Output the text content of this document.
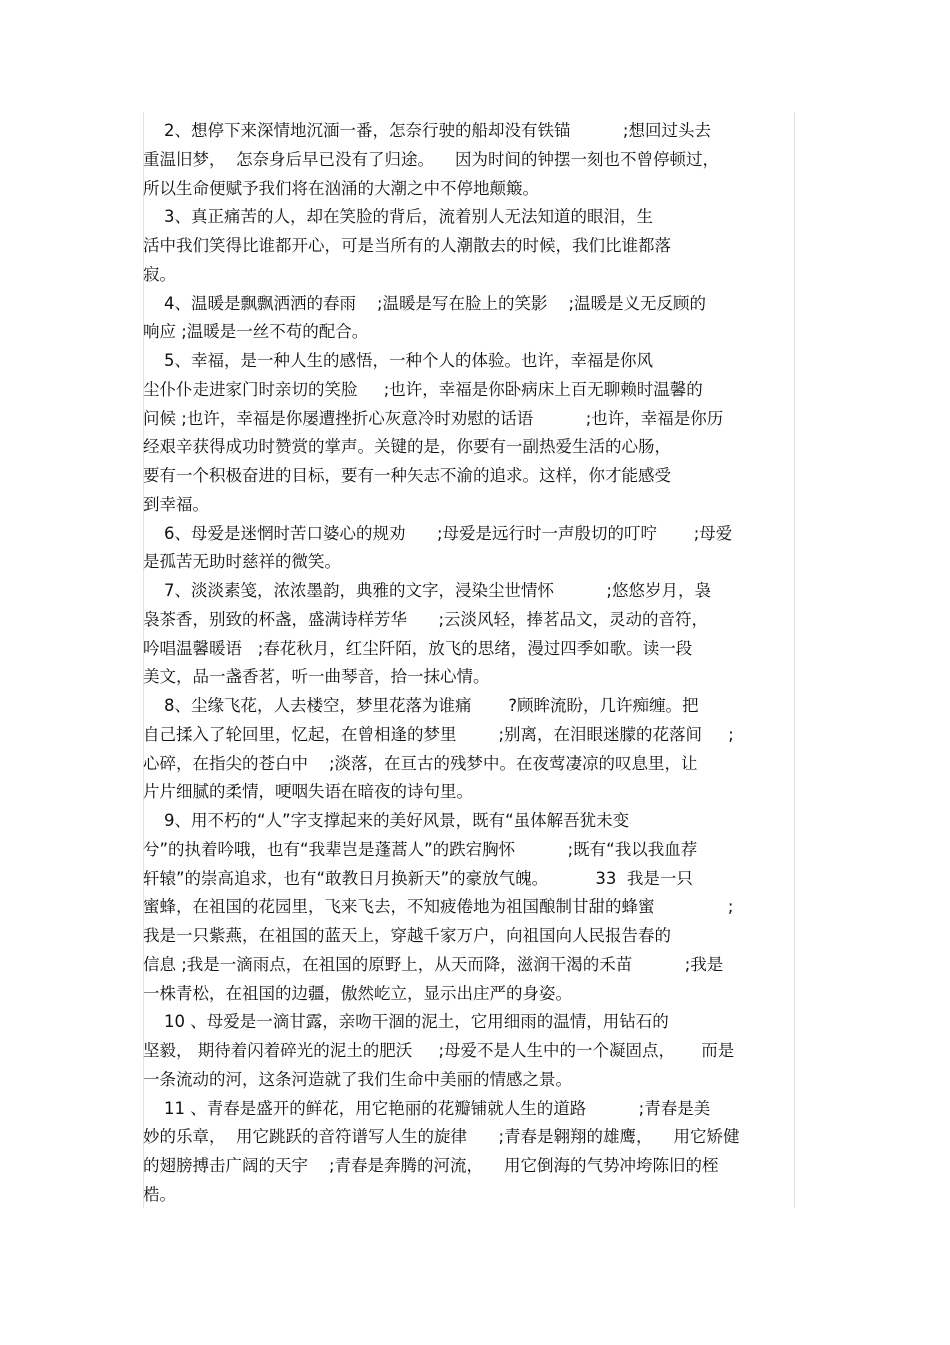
2、想停下来深情地沉湎一番，怎奈行驶的船却没有铁锚          ;想回过头去
重温旧梦，  怎奈身后早已没有了归途。    因为时间的钟摆一刻也不曾停顿过，
所以生命便赋予我们将在汹涌的大潮之中不停地颠簸。
3、真正痛苦的人，却在笑脸的背后，流着别人无法知道的眼泪，生
活中我们笑得比谁都开心，可是当所有的人潮散去的时候，我们比谁都落
寂。
4、温暖是飘飘洒洒的春雨    ;温暖是写在脸上的笑影    ;温暖是义无反顾的
响应 ;温暖是一丝不苟的配合。
5、幸福，是一种人生的感悟，一种个人的体验。也许，幸福是你风
尘仆仆走进家门时亲切的笑脸     ;也许，幸福是你卧病床上百无聊赖时温馨的
问候 ;也许，幸福是你屡遭挫折心灰意冷时劝慰的话语          ;也许，幸福是你历
经艰辛获得成功时赞赏的掌声。关键的是，你要有一副热爱生活的心肠，
要有一个积极奋进的目标，要有一种矢志不渝的追求。这样，你才能感受
到幸福。
6、母爱是迷惘时苦口婆心的规劝      ;母爱是远行时一声殷切的叮咛       ;母爱
是孤苦无助时慈祥的微笑。
7、淡淡素笺，浓浓墨韵，典雅的文字，浸染尘世情怀          ;悠悠岁月，袅
袅茶香，别致的杯盏，盛满诗样芳华      ;云淡风轻，捧茗品文，灵动的音符，
吟唱温馨暖语   ;春花秋月，红尘阡陌，放飞的思绪，漫过四季如歌。读一段
美文，品一盏香茗，听一曲琴音，拾一抹心情。
8、尘缘飞花，人去楼空，梦里花落为谁痛       ?顾眸流盼，几许痴缠。把
自己揉入了轮回里，忆起，在曾相逢的梦里        ;别离，在泪眼迷朦的花落间     ;
心碎，在指尖的苍白中    ;淡落，在亘古的残梦中。在夜莺凄凉的叹息里，让
片片细腻的柔情，哽咽失语在暗夜的诗句里。
9、用不朽的“人”字支撑起来的美好风景，既有“虽体解吾犹未变
兮”的执着吟哦，也有“我辈岂是蓬蒿人”的跌宕胸怀          ;既有“我以我血荐
轩辕”的崇高追求，也有“敢教日月换新天”的豪放气魄。         33  我是一只
蜜蜂，在祖国的花园里，飞来飞去，不知疲倦地为祖国酿制甘甜的蜂蜜              ;
我是一只紫燕，在祖国的蓝天上，穿越千家万户，向祖国向人民报告春的
信息 ;我是一滴雨点，在祖国的原野上，从天而降，滋润干渴的禾苗          ;我是
一株青松，在祖国的边疆，傲然屹立，显示出庄严的身姿。
10 、母爱是一滴甘露，亲吻干涸的泥土，它用细雨的温情，用钻石的
坚毅， 期待着闪着碎光的泥土的肥沃     ;母爱不是人生中的一个凝固点，     而是
一条流动的河，这条河造就了我们生命中美丽的情感之景。
11 、青春是盛开的鲜花，用它艳丽的花瓣铺就人生的道路          ;青春是美
妙的乐章，  用它跳跃的音符谱写人生的旋律      ;青春是翱翔的雄鹰，    用它矫健
的翅膀搏击广阔的天宇    ;青春是奔腾的河流，    用它倒海的气势冲垮陈旧的桎
梏。
